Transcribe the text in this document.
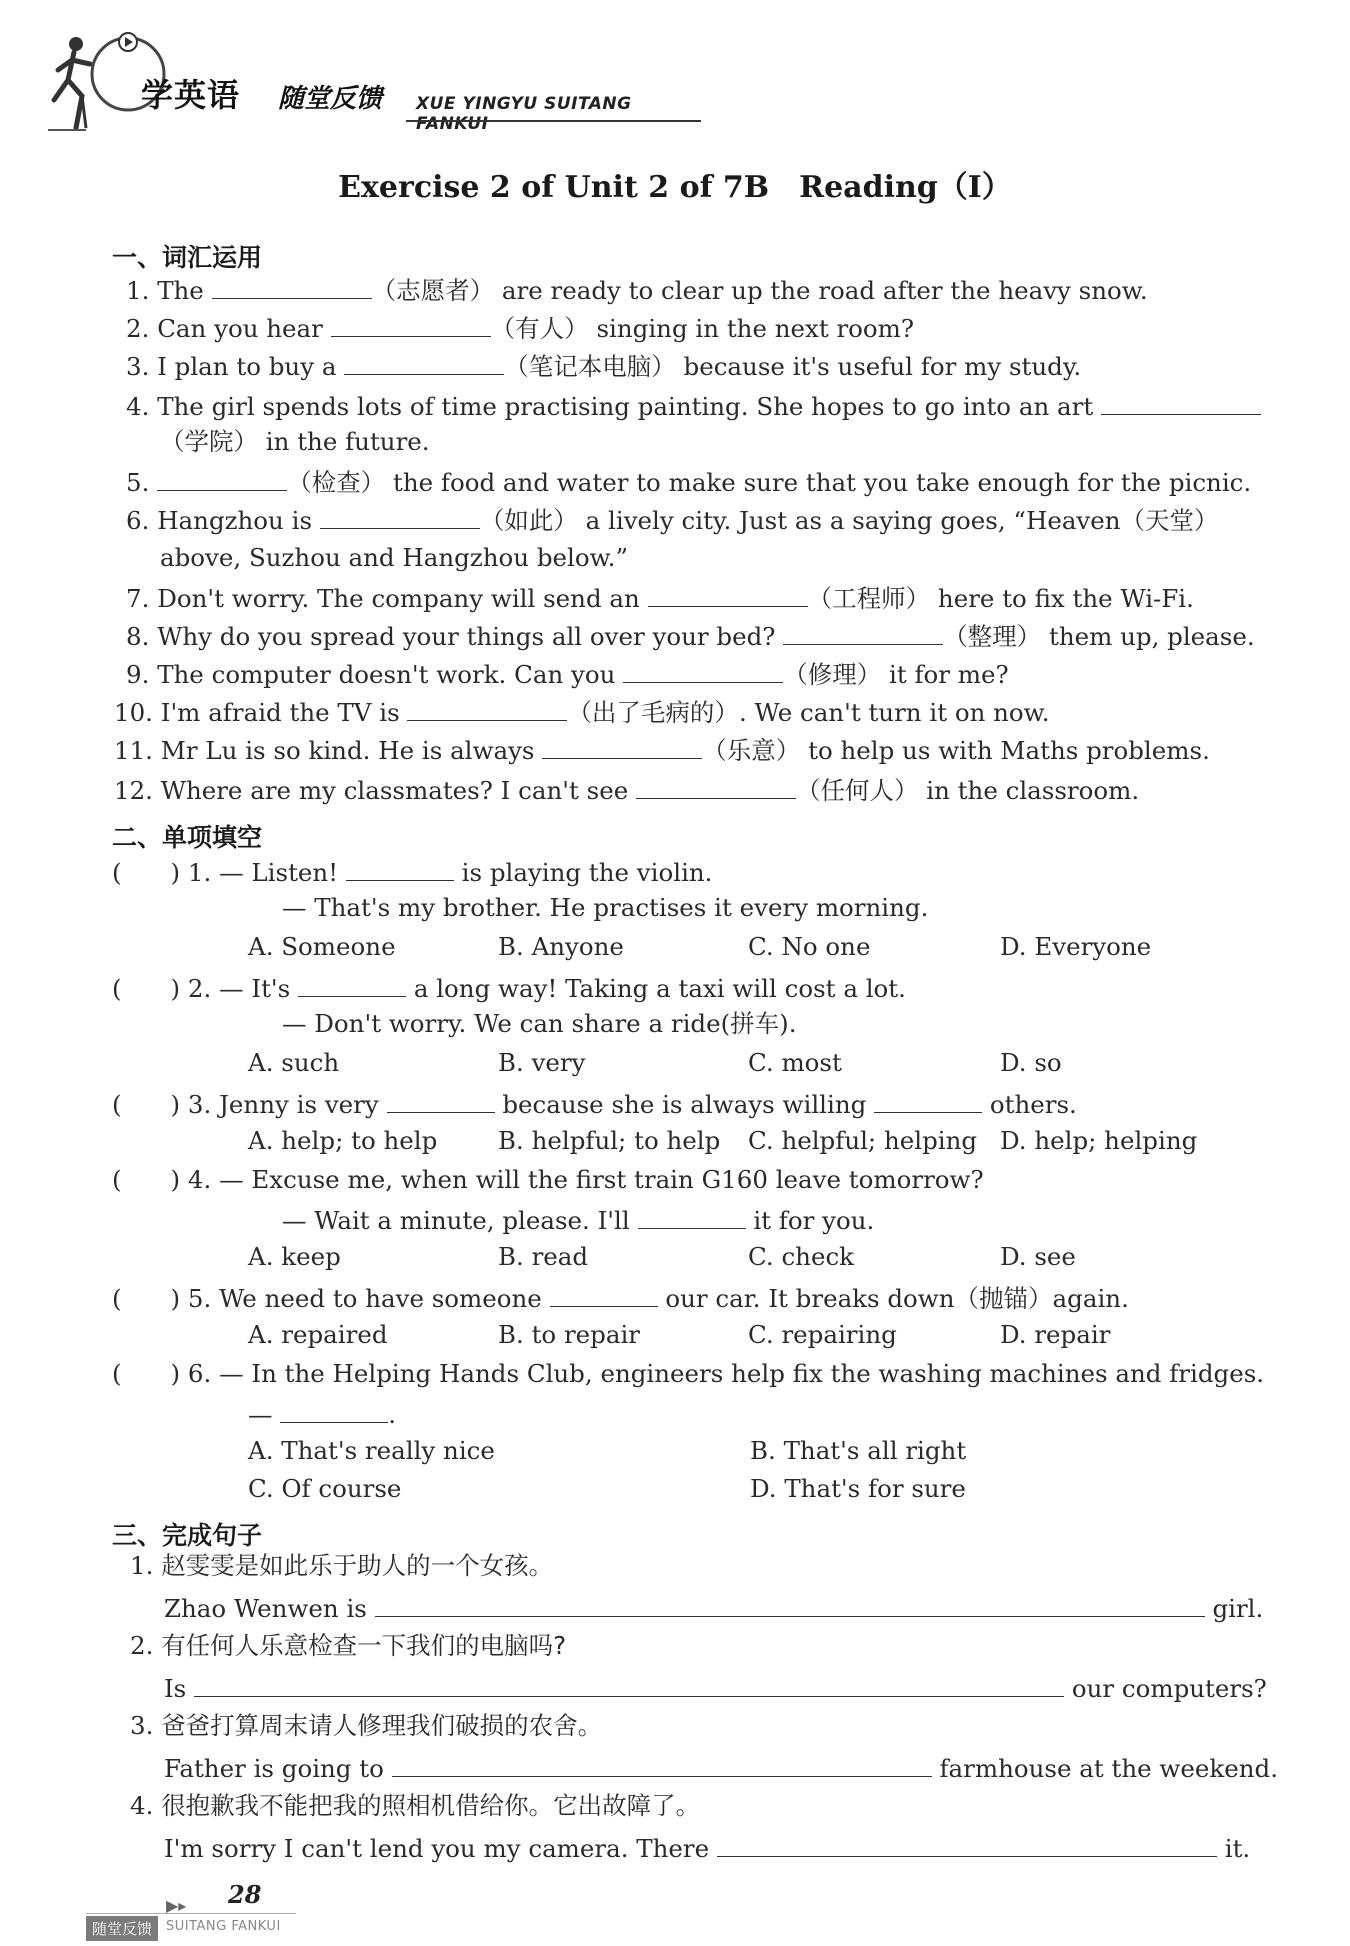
学英语 随堂反馈 XUE YINGYU SUITANG FANKUI
Exercise 2 of Unit 2 of 7B　Reading（Ⅰ）
一、词汇运用
1. The	（志愿者） are ready to clear up the road after the heavy snow.
2. Can you hear	（有人） singing in the next room?
3. I plan to buy a	（笔记本电脑） because it's useful for my study.
4. The girl spends lots of time practising painting. She hopes to go into an art
（学院） in the future.
5.	（检查） the food and water to make sure that you take enough for the picnic.
6. Hangzhou is	（如此） a lively city. Just as a saying goes, “Heaven（天堂）
above, Suzhou and Hangzhou below.”
7. Don't worry. The company will send an	（工程师） here to fix the Wi-Fi.
8. Why do you spread your things all over your bed?	（整理） them up, please.
9. The computer doesn't work. Can you	（修理） it for me?
10. I'm afraid the TV is	（出了毛病的）. We can't turn it on now.
11. Mr Lu is so kind. He is always	（乐意） to help us with Maths problems.
12. Where are my classmates? I can't see	（任何人） in the classroom.
二、单项填空
(　　) 1. — Listen!	is playing the violin.
— That's my brother. He practises it every morning.
A. Someone	B. Anyone	C. No one	D. Everyone
(　　) 2. — It's	a long way! Taking a taxi will cost a lot.
— Don't worry. We can share a ride(拼车).
A. such	B. very	C. most	D. so
(　　) 3. Jenny is very	because she is always willing	others.
A. help; to help B. helpful; to help C. helpful; helping D. help; helping
(　　) 4. — Excuse me, when will the first train G160 leave tomorrow?
— Wait a minute, please. I'll	it for you.
A. keep	B. read	C. check	D. see
(　　) 5. We need to have someone	our car. It breaks down（抛锚）again.
A. repaired	B. to repair	C. repairing	D. repair
(　　) 6. — In the Helping Hands Club, engineers help fix the washing machines and fridges.
—	.
A. That's really nice	B. That's all right
C. Of course	D. That's for sure
三、完成句子
1. 赵雯雯是如此乐于助人的一个女孩。
Zhao Wenwen is	girl.
2. 有任何人乐意检查一下我们的电脑吗?
Is	our computers?
3. 爸爸打算周末请人修理我们破损的农舍。
Father is going to	farmhouse at the weekend.
4. 很抱歉我不能把我的照相机借给你。它出故障了。
I'm sorry I can't lend you my camera. There	it.
▶▸ 28
随堂反馈	SUITANG FANKUI
